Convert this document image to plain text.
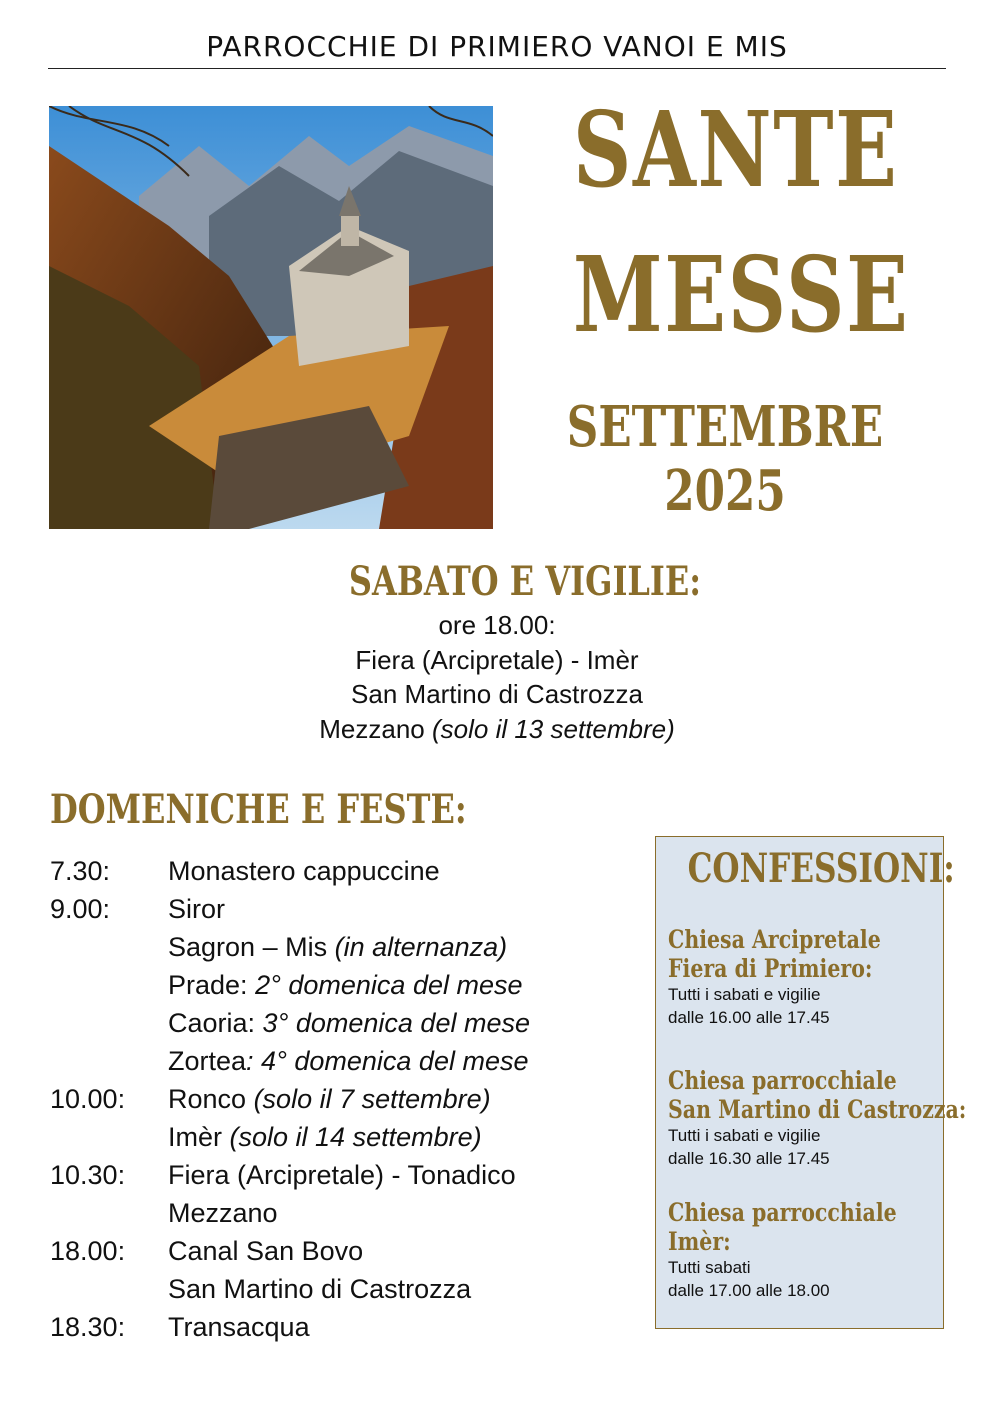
PARROCCHIE DI PRIMIERO VANOI E MIS
SANTE
MESSE
SETTEMBRE 2025
SABATO E VIGILIE:
ore 18.00:
Fiera (Arcipretale) - Imèr
San Martino di Castrozza
Mezzano (solo il 13 settembre)
DOMENICHE E FESTE:
7.30:	Monastero cappuccine
9.00:	Siror
Sagron – Mis (in alternanza)
Prade: 2° domenica del mese
Caoria: 3° domenica del mese
Zortea: 4° domenica del mese
10.00:	Ronco (solo il 7 settembre)
Imèr (solo il 14 settembre)
10.30:	Fiera (Arcipretale) - Tonadico
Mezzano
18.00:	Canal San Bovo
San Martino di Castrozza
18.30:	Transacqua
CONFESSIONI:
Chiesa Arcipretale
Fiera di Primiero:
Tutti i sabati e vigilie
dalle 16.00 alle 17.45
Chiesa parrocchiale
San Martino di Castrozza:
Tutti i sabati e vigilie
dalle 16.30 alle 17.45
Chiesa parrocchiale
Imèr:
Tutti sabati
dalle 17.00 alle 18.00
